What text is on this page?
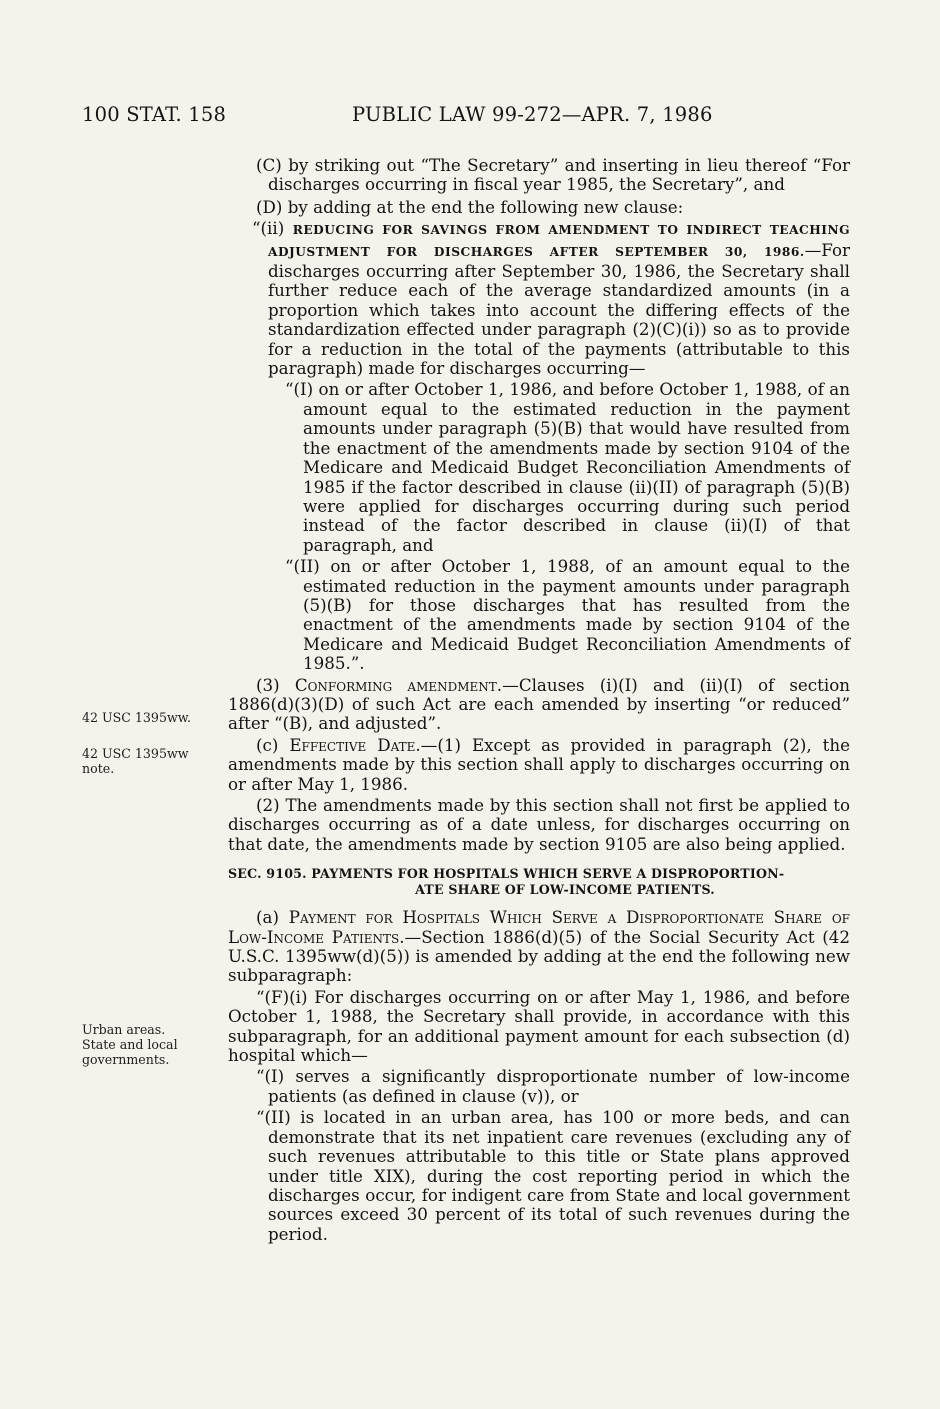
100 STAT. 158	PUBLIC LAW 99-272—APR. 7, 1986
42 USC 1395ww.
42 USC 1395ww note.
Urban areas. State and local governments.

(C) by striking out “The Secretary” and inserting in lieu thereof “For discharges occurring in fiscal year 1985, the Secretary”, and

(D) by adding at the end the following new clause:

“(ii) REDUCING FOR SAVINGS FROM AMENDMENT TO INDIRECT TEACHING ADJUSTMENT FOR DISCHARGES AFTER SEPTEMBER 30, 1986.—For discharges occurring after September 30, 1986, the Secretary shall further reduce each of the average standardized amounts (in a proportion which takes into account the differing effects of the standardization effected under paragraph (2)(C)(i)) so as to provide for a reduction in the total of the payments (attributable to this paragraph) made for discharges occurring—

“(I) on or after October 1, 1986, and before October 1, 1988, of an amount equal to the estimated reduction in the payment amounts under paragraph (5)(B) that would have resulted from the enactment of the amendments made by section 9104 of the Medicare and Medicaid Budget Reconciliation Amendments of 1985 if the factor described in clause (ii)(II) of paragraph (5)(B) were applied for discharges occurring during such period instead of the factor described in clause (ii)(I) of that paragraph, and

“(II) on or after October 1, 1988, of an amount equal to the estimated reduction in the payment amounts under paragraph (5)(B) for those discharges that has resulted from the enactment of the amendments made by section 9104 of the Medicare and Medicaid Budget Reconciliation Amendments of 1985.”.

(3) Conforming amendment.—Clauses (i)(I) and (ii)(I) of section 1886(d)(3)(D) of such Act are each amended by inserting “or reduced” after “(B), and adjusted”.

(c) Effective Date.—(1) Except as provided in paragraph (2), the amendments made by this section shall apply to discharges occurring on or after May 1, 1986.

(2) The amendments made by this section shall not first be applied to discharges occurring as of a date unless, for discharges occurring on that date, the amendments made by section 9105 are also being applied.

SEC. 9105. PAYMENTS FOR HOSPITALS WHICH SERVE A DISPROPORTION-
ATE SHARE OF LOW-INCOME PATIENTS.

(a) Payment for Hospitals Which Serve a Disproportionate Share of Low-Income Patients.—Section 1886(d)(5) of the Social Security Act (42 U.S.C. 1395ww(d)(5)) is amended by adding at the end the following new subparagraph:

“(F)(i) For discharges occurring on or after May 1, 1986, and before October 1, 1988, the Secretary shall provide, in accordance with this subparagraph, for an additional payment amount for each subsection (d) hospital which—

“(I) serves a significantly disproportionate number of low-income patients (as defined in clause (v)), or

“(II) is located in an urban area, has 100 or more beds, and can demonstrate that its net inpatient care revenues (excluding any of such revenues attributable to this title or State plans approved under title XIX), during the cost reporting period in which the discharges occur, for indigent care from State and local government sources exceed 30 percent of its total of such revenues during the period.
